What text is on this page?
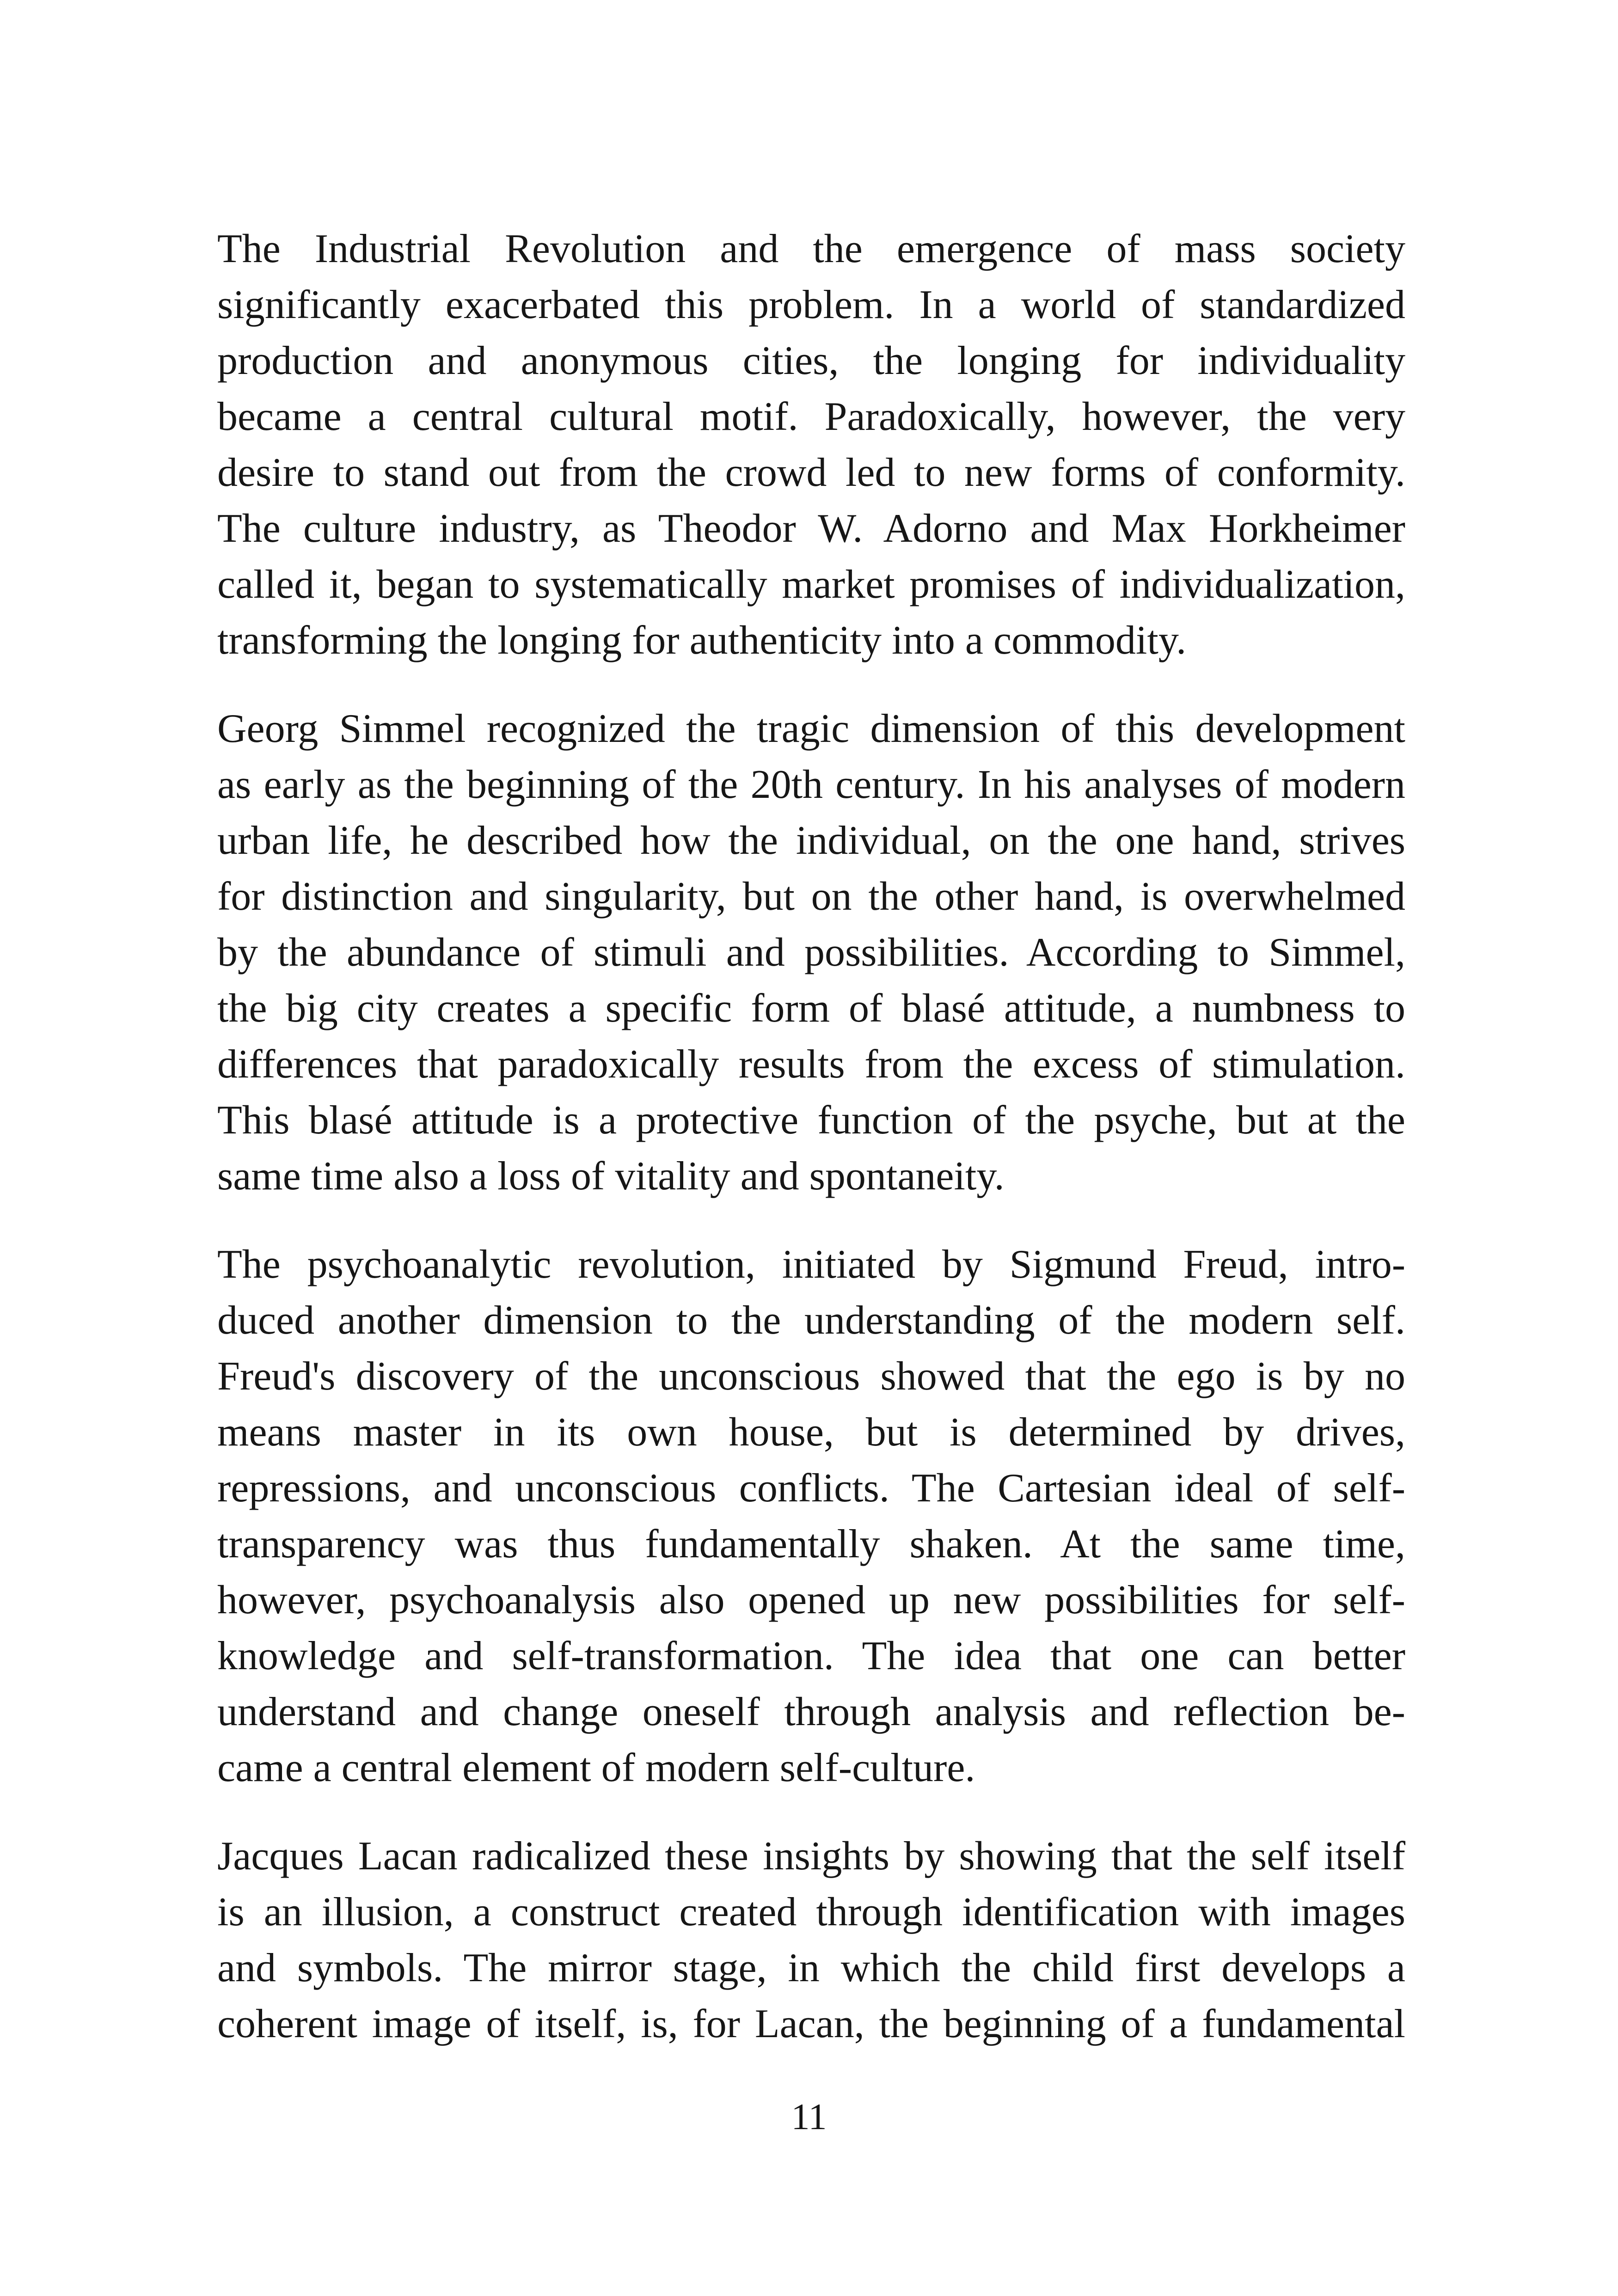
The Industrial Revolution and the emergence of mass society
significantly exacerbated this problem. In a world of standardized
production and anonymous cities, the longing for individuality
became a central cultural motif. Paradoxically, however, the very
desire to stand out from the crowd led to new forms of conformity.
The culture industry, as Theodor W. Adorno and Max Horkheimer
called it, began to systematically market promises of individualization,
transforming the longing for authenticity into a commodity.

Georg Simmel recognized the tragic dimension of this development
as early as the beginning of the 20th century. In his analyses of modern
urban life, he described how the individual, on the one hand, strives
for distinction and singularity, but on the other hand, is overwhelmed
by the abundance of stimuli and possibilities. According to Simmel,
the big city creates a specific form of blasé attitude, a numbness to
differences that paradoxically results from the excess of stimulation.
This blasé attitude is a protective function of the psyche, but at the
same time also a loss of vitality and spontaneity.

The psychoanalytic revolution, initiated by Sigmund Freud, intro-
duced another dimension to the understanding of the modern self.
Freud's discovery of the unconscious showed that the ego is by no
means master in its own house, but is determined by drives,
repressions, and unconscious conflicts. The Cartesian ideal of self-
transparency was thus fundamentally shaken. At the same time,
however, psychoanalysis also opened up new possibilities for self-
knowledge and self-transformation. The idea that one can better
understand and change oneself through analysis and reflection be-
came a central element of modern self-culture.

Jacques Lacan radicalized these insights by showing that the self itself
is an illusion, a construct created through identification with images
and symbols. The mirror stage, in which the child first develops a
coherent image of itself, is, for Lacan, the beginning of a fundamental

11
